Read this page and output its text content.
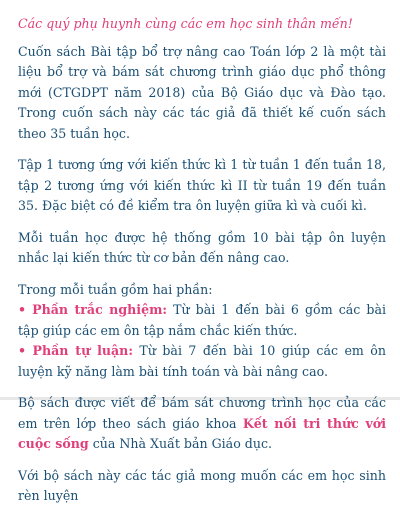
Các quý phụ huynh cùng các em học sinh thân mến!

Cuốn sách Bài tập bổ trợ nâng cao Toán lớp 2 là một tài liệu bổ trợ và bám sát chương trình giáo dục phổ thông mới (CTGDPT năm 2018) của Bộ Giáo dục và Đào tạo. Trong cuốn sách này các tác giả đã thiết kế cuốn sách theo 35 tuần học.

Tập 1 tương ứng với kiến thức kì 1 từ tuần 1 đến tuần 18, tập 2 tương ứng với kiến thức kì II từ tuần 19 đến tuần 35. Đặc biệt có đề kiểm tra ôn luyện giữa kì và cuối kì.

Mỗi tuần học được hệ thống gồm 10 bài tập ôn luyện nhắc lại kiến thức từ cơ bản đến nâng cao.

Trong mỗi tuần gồm hai phần:

• Phần trắc nghiệm: Từ bài 1 đến bài 6 gồm các bài tập giúp các em ôn tập nắm chắc kiến thức.

• Phần tự luận: Từ bài 7 đến bài 10 giúp các em ôn luyện kỹ năng làm bài tính toán và bài nâng cao.

Bộ sách được viết để bám sát chương trình học của các em trên lớp theo sách giáo khoa Kết nối tri thức với cuộc sống của Nhà Xuất bản Giáo dục.

Với bộ sách này các tác giả mong muốn các em học sinh rèn luyện
